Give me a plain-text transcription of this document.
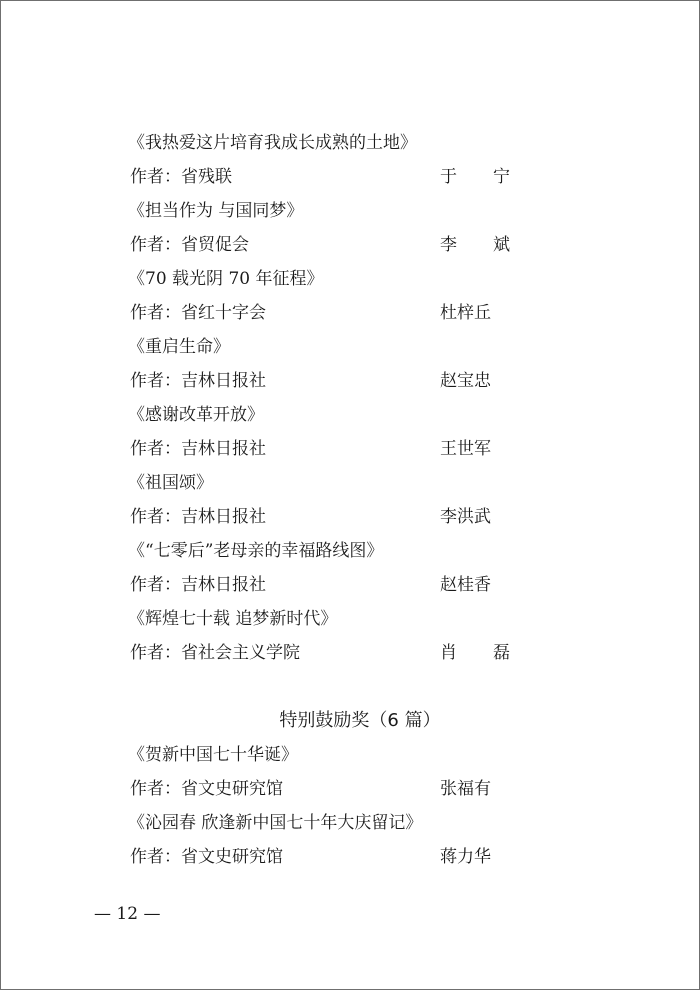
《我热爱这片培育我成长成熟的土地》
作者：省残联	于 宁
《担当作为 与国同梦》
作者：省贸促会	李 斌
《70 载光阴 70 年征程》
作者：省红十字会	杜梓丘
《重启生命》
作者：吉林日报社	赵宝忠
《感谢改革开放》
作者：吉林日报社	王世军
《祖国颂》
作者：吉林日报社	李洪武
《“七零后”老母亲的幸福路线图》
作者：吉林日报社	赵桂香
《辉煌七十载 追梦新时代》
作者：省社会主义学院	肖 磊
特别鼓励奖（6 篇）
《贺新中国七十华诞》
作者：省文史研究馆	张福有
《沁园春 欣逢新中国七十年大庆留记》
作者：省文史研究馆	蒋力华
— 12 —
